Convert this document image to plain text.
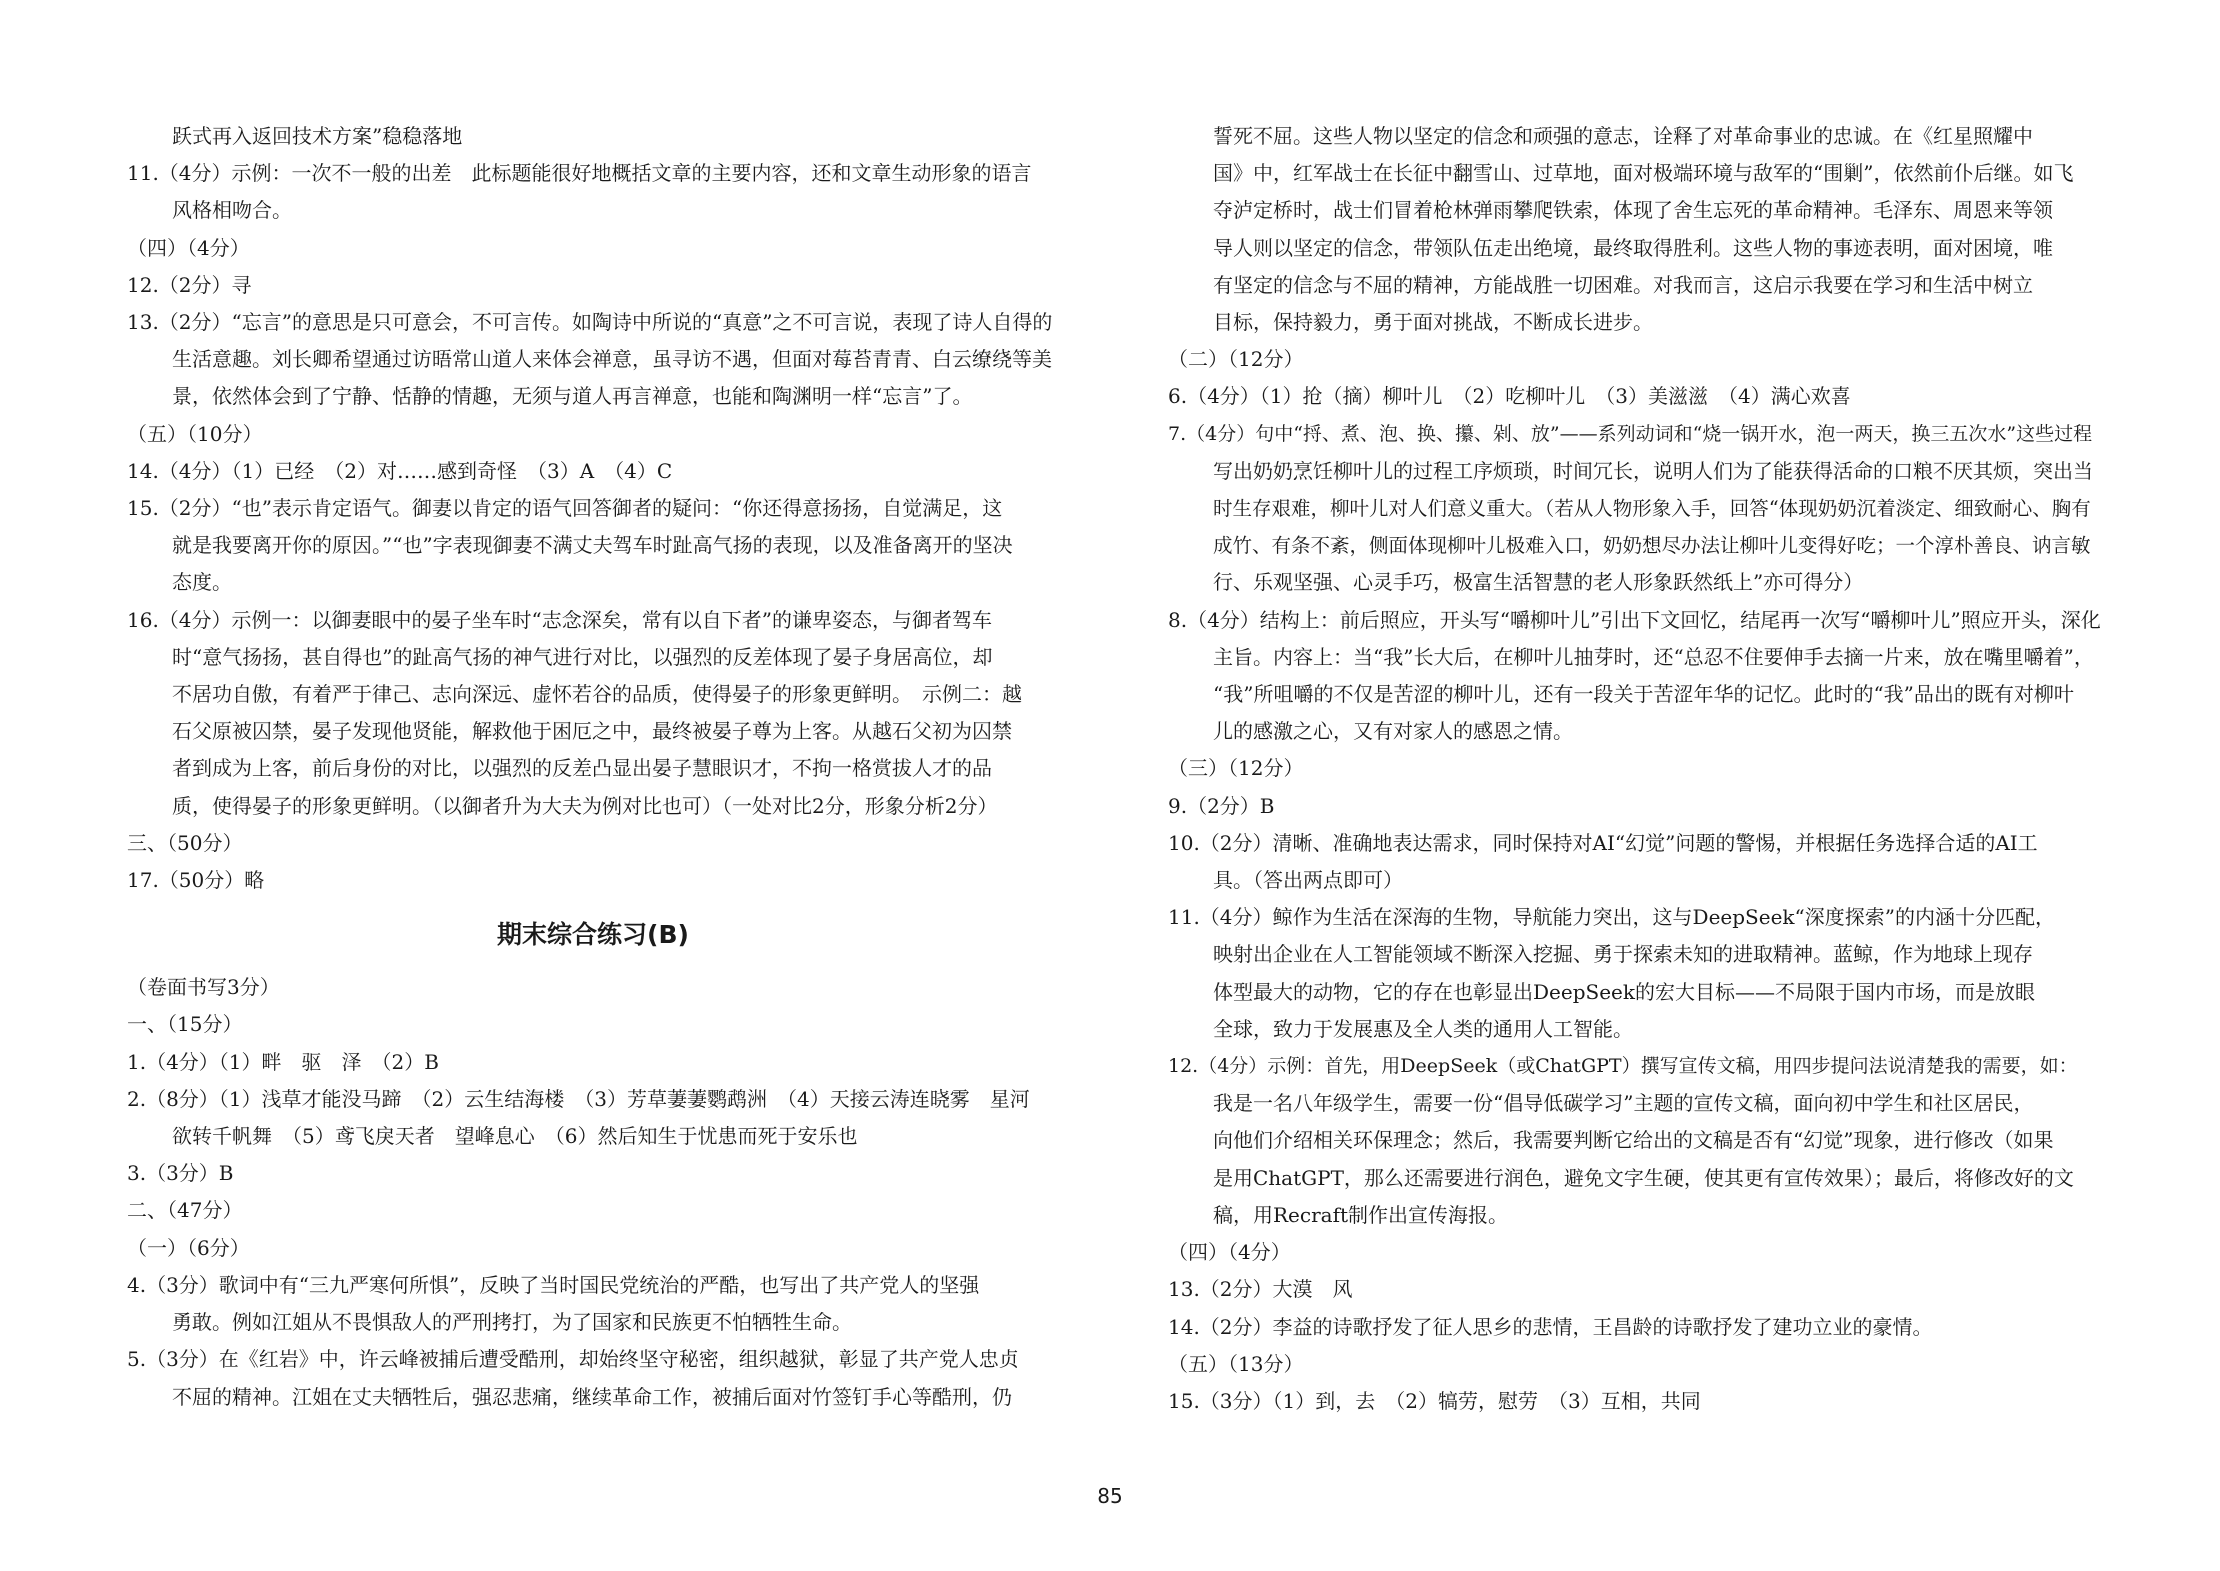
跃式再入返回技术方案”稳稳落地
11.（4分）示例：一次不一般的出差　此标题能很好地概括文章的主要内容，还和文章生动形象的语言
风格相吻合。
（四）（4分）
12.（2分）寻
13.（2分）“忘言”的意思是只可意会，不可言传。如陶诗中所说的“真意”之不可言说，表现了诗人自得的
生活意趣。刘长卿希望通过访晤常山道人来体会禅意，虽寻访不遇，但面对莓苔青青、白云缭绕等美
景，依然体会到了宁静、恬静的情趣，无须与道人再言禅意，也能和陶渊明一样“忘言”了。
（五）（10分）
14.（4分）（1）已经　（2）对……感到奇怪　（3）A　（4）C
15.（2分）“也”表示肯定语气。御妻以肯定的语气回答御者的疑问：“你还得意扬扬，自觉满足，这
就是我要离开你的原因。”“也”字表现御妻不满丈夫驾车时趾高气扬的表现，以及准备离开的坚决
态度。
16.（4分）示例一：以御妻眼中的晏子坐车时“志念深矣，常有以自下者”的谦卑姿态，与御者驾车
时“意气扬扬，甚自得也”的趾高气扬的神气进行对比，以强烈的反差体现了晏子身居高位，却
不居功自傲，有着严于律己、志向深远、虚怀若谷的品质，使得晏子的形象更鲜明。　示例二：越
石父原被囚禁，晏子发现他贤能，解救他于困厄之中，最终被晏子尊为上客。从越石父初为囚禁
者到成为上客，前后身份的对比，以强烈的反差凸显出晏子慧眼识才，不拘一格赏拔人才的品
质，使得晏子的形象更鲜明。（以御者升为大夫为例对比也可）（一处对比2分，形象分析2分）
三、（50分）
17.（50分）略
期末综合练习(B)
（卷面书写3分）
一、（15分）
1.（4分）（1）畔　驱　泽　（2）B
2.（8分）（1）浅草才能没马蹄　（2）云生结海楼　（3）芳草萋萋鹦鹉洲　（4）天接云涛连晓雾　星河
欲转千帆舞　（5）鸢飞戾天者　望峰息心　（6）然后知生于忧患而死于安乐也
3.（3分）B
二、（47分）
（一）（6分）
4.（3分）歌词中有“三九严寒何所惧”，反映了当时国民党统治的严酷，也写出了共产党人的坚强
勇敢。例如江姐从不畏惧敌人的严刑拷打，为了国家和民族更不怕牺牲生命。
5.（3分）在《红岩》中，许云峰被捕后遭受酷刑，却始终坚守秘密，组织越狱，彰显了共产党人忠贞
不屈的精神。江姐在丈夫牺牲后，强忍悲痛，继续革命工作，被捕后面对竹签钉手心等酷刑，仍
誓死不屈。这些人物以坚定的信念和顽强的意志，诠释了对革命事业的忠诚。在《红星照耀中
国》中，红军战士在长征中翻雪山、过草地，面对极端环境与敌军的“围剿”，依然前仆后继。如飞
夺泸定桥时，战士们冒着枪林弹雨攀爬铁索，体现了舍生忘死的革命精神。毛泽东、周恩来等领
导人则以坚定的信念，带领队伍走出绝境，最终取得胜利。这些人物的事迹表明，面对困境，唯
有坚定的信念与不屈的精神，方能战胜一切困难。对我而言，这启示我要在学习和生活中树立
目标，保持毅力，勇于面对挑战，不断成长进步。
（二）（12分）
6.（4分）（1）抢（摘）柳叶儿　（2）吃柳叶儿　（3）美滋滋　（4）满心欢喜
7.（4分）句中“捋、煮、泡、换、攥、剁、放”——系列动词和“烧一锅开水，泡一两天，换三五次水”这些过程
写出奶奶烹饪柳叶儿的过程工序烦琐，时间冗长，说明人们为了能获得活命的口粮不厌其烦，突出当
时生存艰难，柳叶儿对人们意义重大。（若从人物形象入手，回答“体现奶奶沉着淡定、细致耐心、胸有
成竹、有条不紊，侧面体现柳叶儿极难入口，奶奶想尽办法让柳叶儿变得好吃；一个淳朴善良、讷言敏
行、乐观坚强、心灵手巧，极富生活智慧的老人形象跃然纸上”亦可得分）
8.（4分）结构上：前后照应，开头写“嚼柳叶儿”引出下文回忆，结尾再一次写“嚼柳叶儿”照应开头，深化
主旨。内容上：当“我”长大后，在柳叶儿抽芽时，还“总忍不住要伸手去摘一片来，放在嘴里嚼着”，
“我”所咀嚼的不仅是苦涩的柳叶儿，还有一段关于苦涩年华的记忆。此时的“我”品出的既有对柳叶
儿的感激之心，又有对家人的感恩之情。
（三）（12分）
9.（2分）B
10.（2分）清晰、准确地表达需求，同时保持对AI“幻觉”问题的警惕，并根据任务选择合适的AI工
具。（答出两点即可）
11.（4分）鲸作为生活在深海的生物，导航能力突出，这与DeepSeek“深度探索”的内涵十分匹配，
映射出企业在人工智能领域不断深入挖掘、勇于探索未知的进取精神。蓝鲸，作为地球上现存
体型最大的动物，它的存在也彰显出DeepSeek的宏大目标——不局限于国内市场，而是放眼
全球，致力于发展惠及全人类的通用人工智能。
12.（4分）示例：首先，用DeepSeek（或ChatGPT）撰写宣传文稿，用四步提问法说清楚我的需要，如：
我是一名八年级学生，需要一份“倡导低碳学习”主题的宣传文稿，面向初中学生和社区居民，
向他们介绍相关环保理念；然后，我需要判断它给出的文稿是否有“幻觉”现象，进行修改（如果
是用ChatGPT，那么还需要进行润色，避免文字生硬，使其更有宣传效果）；最后，将修改好的文
稿，用Recraft制作出宣传海报。
（四）（4分）
13.（2分）大漠　风
14.（2分）李益的诗歌抒发了征人思乡的悲情，王昌龄的诗歌抒发了建功立业的豪情。
（五）（13分）
15.（3分）（1）到，去　（2）犒劳，慰劳　（3）互相，共同
85
